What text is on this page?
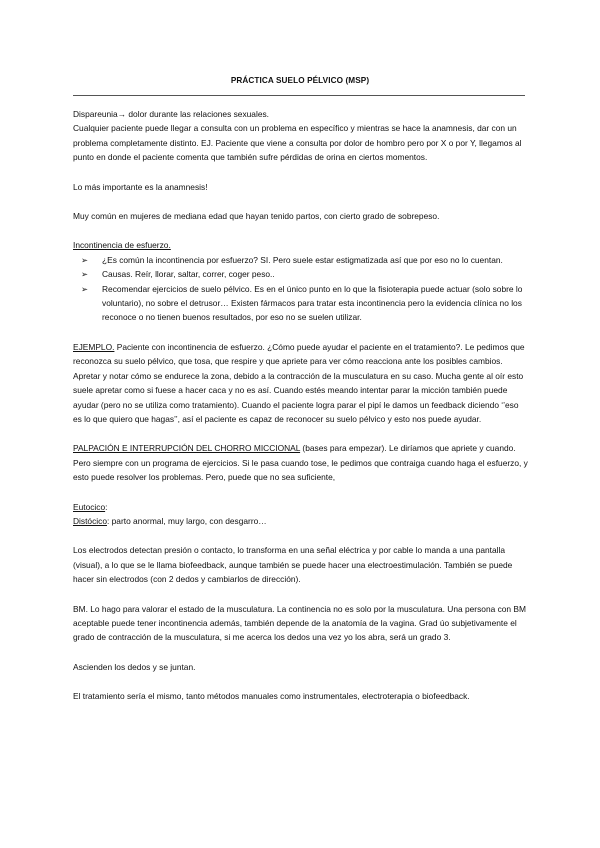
PRÁCTICA SUELO PÉLVICO (MSP)

Dispareunia→ dolor durante las relaciones sexuales.

Cualquier paciente puede llegar a consulta con un problema en específico y mientras se hace la anamnesis, dar con un problema completamente distinto. EJ. Paciente que viene a consulta por dolor de hombro pero por X o por Y, llegamos al punto en donde el paciente comenta que también sufre pérdidas de orina en ciertos momentos.

Lo más importante es la anamnesis!

Muy común en mujeres de mediana edad que hayan tenido partos, con cierto grado de sobrepeso.

Incontinencia de esfuerzo.

➢ ¿Es común la incontinencia por esfuerzo? SI. Pero suele estar estigmatizada así que por eso no lo cuentan.
➢ Causas. Reír, llorar, saltar, correr, coger peso..
➢ Recomendar ejercicios de suelo pélvico. Es en el único punto en lo que la fisioterapia puede actuar (solo sobre lo voluntario), no sobre el detrusor… Existen fármacos para tratar esta incontinencia pero la evidencia clínica no los reconoce o no tienen buenos resultados, por eso no se suelen utilizar.

EJEMPLO. Paciente con incontinencia de esfuerzo. ¿Cómo puede ayudar el paciente en el tratamiento?. Le pedimos que reconozca su suelo pélvico, que tosa, que respire y que apriete para ver cómo reacciona ante los posibles cambios. Apretar y notar cómo se endurece la zona, debido a la contracción de la musculatura en su caso. Mucha gente al oír esto suele apretar como si fuese a hacer caca y no es así. Cuando estés meando intentar parar la micción también puede ayudar (pero no se utiliza como tratamiento). Cuando el paciente logra parar el pipí le damos un feedback diciendo ‘’eso es lo que quiero que hagas’’, así el paciente es capaz de reconocer su suelo pélvico y esto nos puede ayudar.

PALPACIÓN E INTERRUPCIÓN DEL CHORRO MICCIONAL (bases para empezar). Le diríamos que apriete y cuando. Pero siempre con un programa de ejercicios. Si le pasa cuando tose, le pedimos que contraiga cuando haga el esfuerzo, y esto puede resolver los problemas. Pero, puede que no sea suficiente,

Eutocico:

Distócico: parto anormal, muy largo, con desgarro…

Los electrodos detectan presión o contacto, lo transforma en una señal eléctrica y por cable lo manda a una pantalla (visual), a lo que se le llama biofeedback, aunque también se puede hacer una electroestimulación. También se puede hacer sin electrodos (con 2 dedos y cambiarlos de dirección).

BM. Lo hago para valorar el estado de la musculatura. La continencia no es solo por la musculatura. Una persona con BM aceptable puede tener incontinencia además, también depende de la anatomía de la vagina. Grad úo subjetivamente el grado de contracción de la musculatura, si me acerca los dedos una vez yo los abra, será un grado 3.

Ascienden los dedos y se juntan.

El tratamiento sería el mismo, tanto métodos manuales como instrumentales, electroterapia o biofeedback.
